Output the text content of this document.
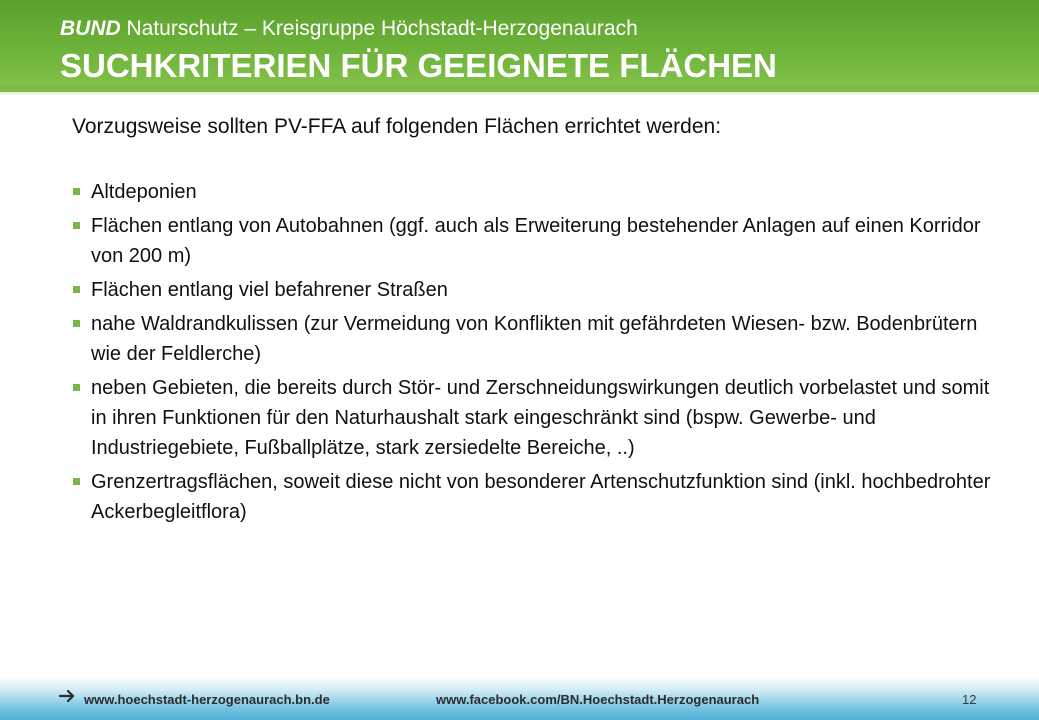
BUND Naturschutz – Kreisgruppe Höchstadt-Herzogenaurach
SUCHKRITERIEN FÜR GEEIGNETE FLÄCHEN

Vorzugsweise sollten PV-FFA auf folgenden Flächen errichtet werden:

Altdeponien
Flächen entlang von Autobahnen (ggf. auch als Erweiterung bestehender Anlagen auf einen Korridor von 200 m)
Flächen entlang viel befahrener Straßen
nahe Waldrandkulissen (zur Vermeidung von Konflikten mit gefährdeten Wiesen- bzw. Bodenbrütern wie der Feldlerche)
neben Gebieten, die bereits durch Stör- und Zerschneidungswirkungen deutlich vorbelastet und somit in ihren Funktionen für den Naturhaushalt stark eingeschränkt sind (bspw. Gewerbe- und Industriegebiete, Fußballplätze, stark zersiedelte Bereiche, ..)
Grenzertragsflächen, soweit diese nicht von besonderer Artenschutzfunktion sind (inkl. hochbedrohter Ackerbegleitflora)
www.hoechstadt-herzogenaurach.bn.de	www.facebook.com/BN.Hoechstadt.Herzogenaurach	12
